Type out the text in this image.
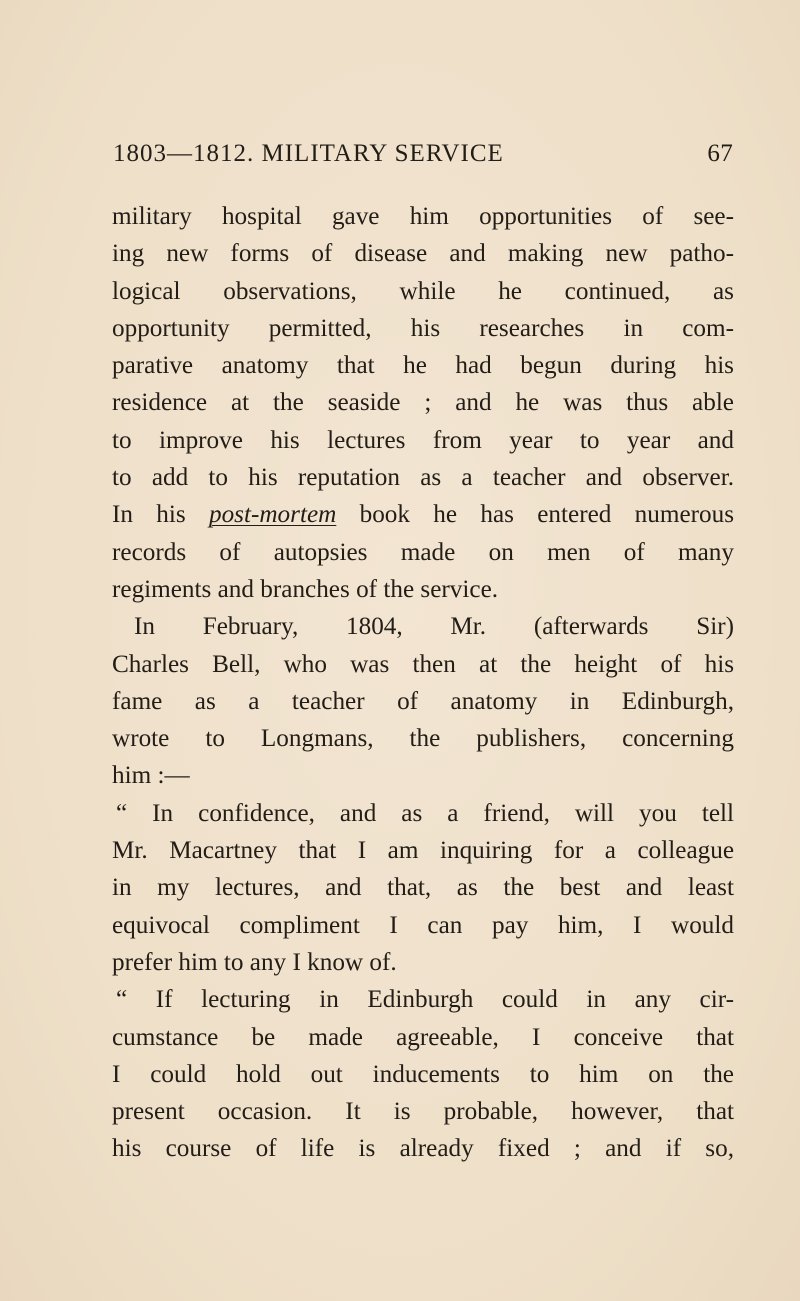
1803—1812. MILITARY SERVICE	67
military hospital gave him opportunities of see-
ing new forms of disease and making new patho-
logical observations, while he continued, as
opportunity permitted, his researches in com-
parative anatomy that he had begun during his
residence at the seaside ; and he was thus able
to improve his lectures from year to year and
to add to his reputation as a teacher and observer.
In his post-mortem book he has entered numerous
records of autopsies made on men of many
regiments and branches of the service.
In February, 1804, Mr. (afterwards Sir)
Charles Bell, who was then at the height of his
fame as a teacher of anatomy in Edinburgh,
wrote to Longmans, the publishers, concerning
him :—
“ In confidence, and as a friend, will you tell
Mr. Macartney that I am inquiring for a colleague
in my lectures, and that, as the best and least
equivocal compliment I can pay him, I would
prefer him to any I know of.
“ If lecturing in Edinburgh could in any cir-
cumstance be made agreeable, I conceive that
I could hold out inducements to him on the
present occasion. It is probable, however, that
his course of life is already fixed ; and if so,
